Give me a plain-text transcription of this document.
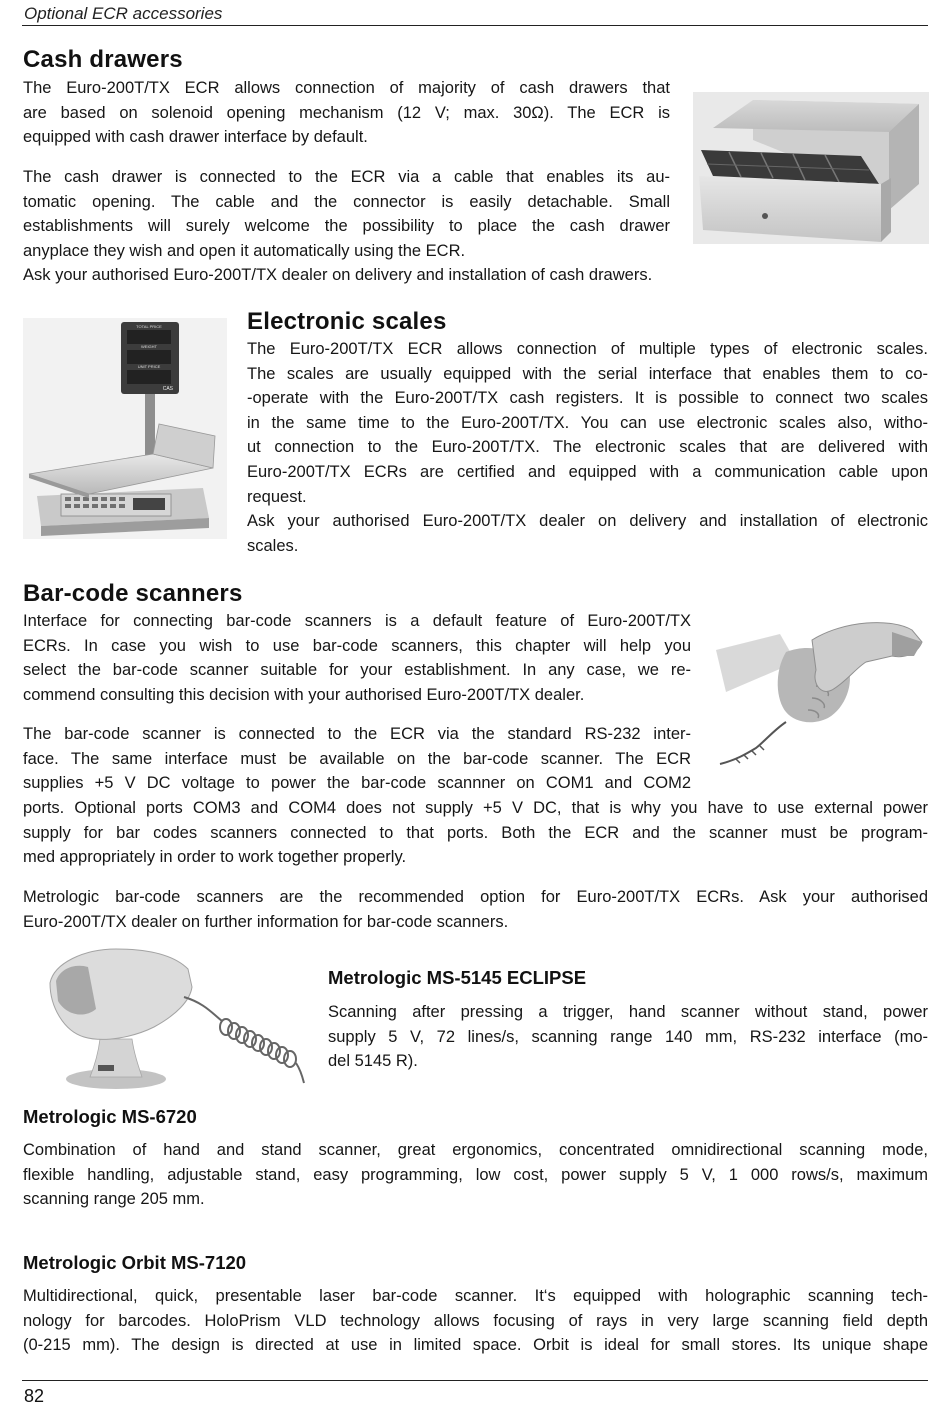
Optional ECR accessories
Cash drawers
The Euro-200T/TX ECR allows connection of majority of cash drawers that
are based on solenoid opening mechanism (12 V; max. 30Ω). The ECR is
equipped with cash drawer interface by default.
The cash drawer is connected to the ECR via a cable that enables its au-
tomatic opening. The cable and the connector is easily detachable. Small
establishments will surely welcome the possibility to place the cash drawer
anyplace they wish and open it automatically using the ECR.
Ask your authorised Euro-200T/TX dealer on delivery and installation of cash drawers.
TOTAL PRICE
WEIGHT
UNIT PRICE
CAS
Electronic scales
The Euro-200T/TX ECR allows connection of multiple types of electronic scales.
The scales are usually equipped with the serial interface that enables them to co-
-operate with the Euro-200T/TX cash registers. It is possible to connect two scales
in the same time to the Euro-200T/TX. You can use electronic scales also, witho-
ut connection to the Euro-200T/TX. The electronic scales that are delivered with
Euro-200T/TX ECRs are certified and equipped with a communication cable upon
request.
Ask your authorised Euro-200T/TX dealer on delivery and installation of electronic
scales.
Bar-code scanners
Interface for connecting bar-code scanners is a default feature of Euro-200T/TX
ECRs. In case you wish to use bar-code scanners, this chapter will help you
select the bar-code scanner suitable for your establishment. In any case, we re-
commend consulting this decision with your authorised Euro-200T/TX dealer.
The bar-code scanner is connected to the ECR via the standard RS-232 inter-
face. The same interface must be available on the bar-code scanner. The ECR
supplies +5 V DC voltage to power the bar-code scannner on COM1 and COM2
ports. Optional ports COM3 and COM4 does not supply +5 V DC, that is why you have to use external power
supply for bar codes scanners connected to that ports. Both the ECR and the scanner must be program-
med appropriately in order to work together properly.
Metrologic bar-code scanners are the recommended option for Euro-200T/TX ECRs. Ask your authorised
Euro-200T/TX dealer on further information for bar-code scanners.
Metrologic MS-5145 ECLIPSE
Scanning after pressing a trigger, hand scanner without stand, power
supply 5 V, 72 lines/s, scanning range 140 mm, RS-232 interface (mo-
del 5145 R).
Metrologic MS-6720
Combination of hand and stand scanner, great ergonomics, concentrated omnidirectional scanning mode,
flexible handling, adjustable stand, easy programming, low cost, power supply 5 V, 1 000 rows/s, maximum
scanning range 205 mm.
Metrologic Orbit MS-7120
Multidirectional, quick, presentable laser bar-code scanner. It‘s equipped with holographic scanning tech-
nology for barcodes. HoloPrism VLD technology allows focusing of rays in very large scanning field depth
(0-215 mm). The design is directed at use in limited space. Orbit is ideal for small stores. Its unique shape
82
